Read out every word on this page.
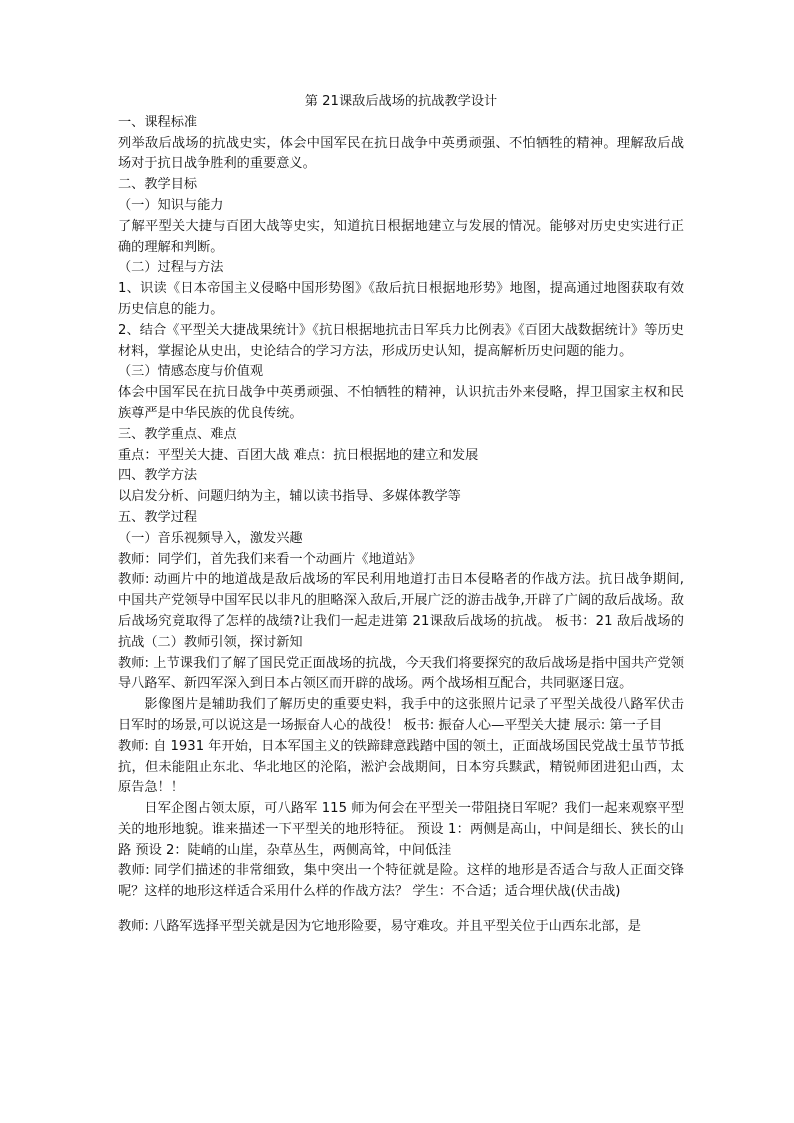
第 21课敌后战场的抗战教学设计

一、课程标准

列举敌后战场的抗战史实，体会中国军民在抗日战争中英勇顽强、不怕牺牲的精神。理解敌后战场对于抗日战争胜利的重要意义。

二、教学目标

（一）知识与能力

了解平型关大捷与百团大战等史实，知道抗日根据地建立与发展的情况。能够对历史史实进行正确的理解和判断。

（二）过程与方法

1、识读《日本帝国主义侵略中国形势图》《敌后抗日根据地形势》地图，提高通过地图获取有效历史信息的能力。

2、结合《平型关大捷战果统计》《抗日根据地抗击日军兵力比例表》《百团大战数据统计》等历史材料，掌握论从史出，史论结合的学习方法，形成历史认知，提高解析历史问题的能力。

（三）情感态度与价值观

体会中国军民在抗日战争中英勇顽强、不怕牺牲的精神，认识抗击外来侵略，捍卫国家主权和民族尊严是中华民族的优良传统。

三、教学重点、难点

重点：平型关大捷、百团大战 难点：抗日根据地的建立和发展

四、教学方法

以启发分析、问题归纳为主，辅以读书指导、多媒体教学等

五、教学过程

（一）音乐视频导入，激发兴趣

教师：同学们，首先我们来看一个动画片《地道站》

教师: 动画片中的地道战是敌后战场的军民利用地道打击日本侵略者的作战方法。抗日战争期间,中国共产党领导中国军民以非凡的胆略深入敌后,开展广泛的游击战争,开辟了广阔的敌后战场。敌后战场究竟取得了怎样的战绩?让我们一起走进第 21课敌后战场的抗战。 板书：21 敌后战场的抗战（二）教师引领，探讨新知

教师: 上节课我们了解了国民党正面战场的抗战，今天我们将要探究的敌后战场是指中国共产党领导八路军、新四军深入到日本占领区而开辟的战场。两个战场相互配合，共同驱逐日寇。

影像图片是辅助我们了解历史的重要史料，我手中的这张照片记录了平型关战役八路军伏击日军时的场景,可以说这是一场振奋人心的战役！ 板书: 振奋人心—平型关大捷 展示: 第一子目

教师: 自 1931 年开始，日本军国主义的铁蹄肆意践踏中国的领土，正面战场国民党战士虽节节抵抗，但未能阻止东北、华北地区的沦陷，淞沪会战期间，日本穷兵黩武，精锐师团进犯山西，太原告急！！

日军企图占领太原，可八路军 115 师为何会在平型关一带阻挠日军呢？我们一起来观察平型关的地形地貌。谁来描述一下平型关的地形特征。 预设 1：两侧是高山，中间是细长、狭长的山路 预设 2：陡峭的山崖，杂草丛生，两侧高耸，中间低洼

教师: 同学们描述的非常细致，集中突出一个特征就是险。这样的地形是否适合与敌人正面交锋呢？这样的地形这样适合采用什么样的作战方法？ 学生：不合适；适合埋伏战(伏击战)

教师: 八路军选择平型关就是因为它地形险要，易守难攻。并且平型关位于山西东北部，是
